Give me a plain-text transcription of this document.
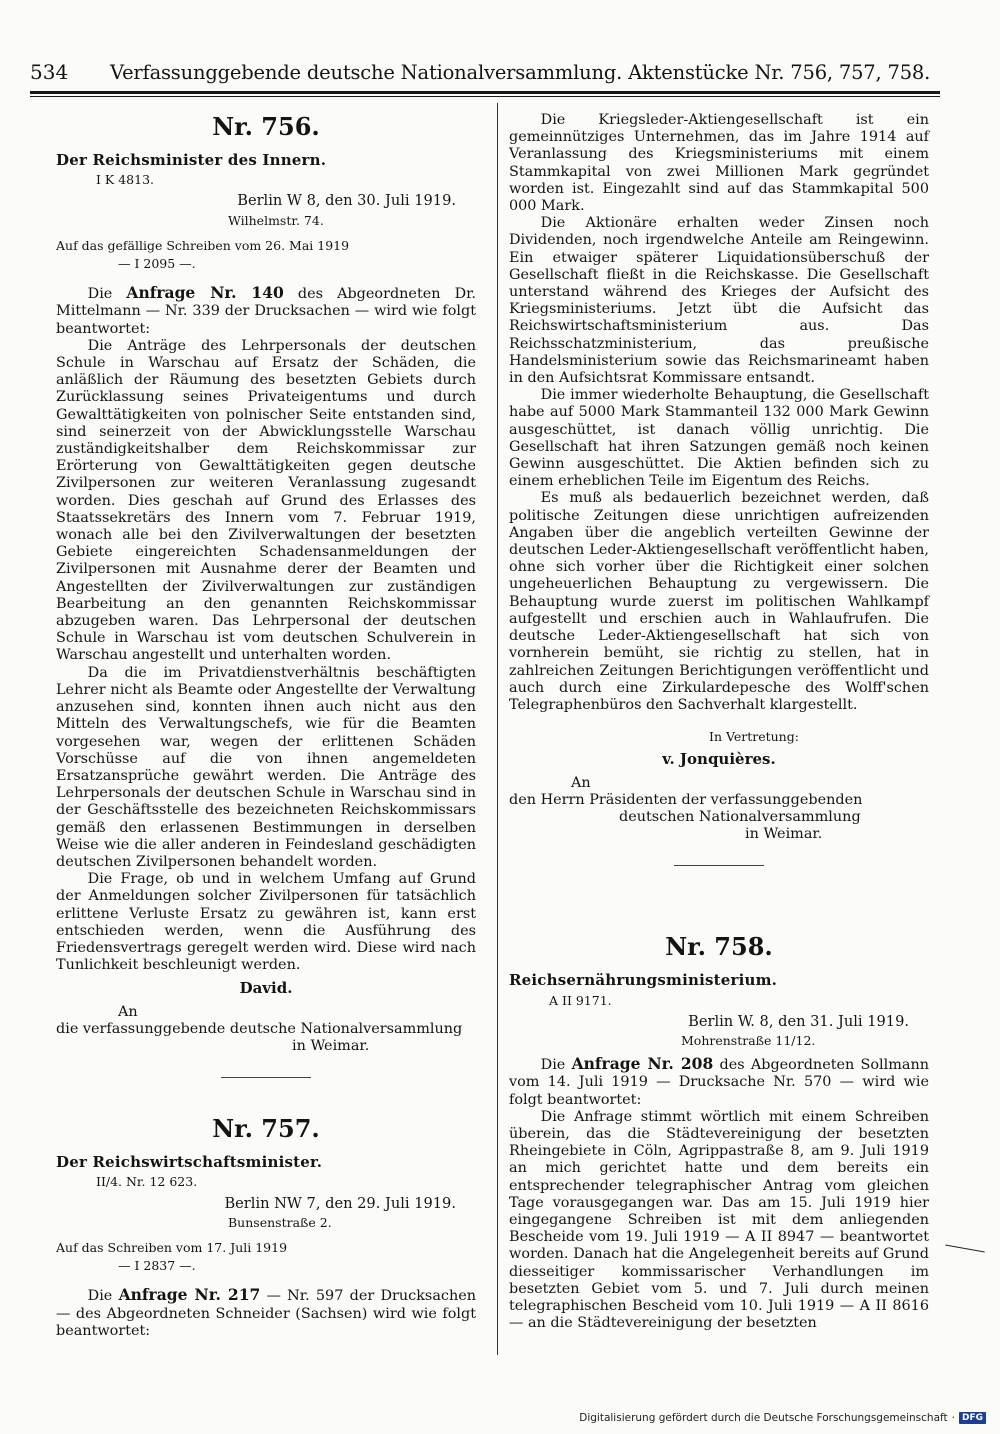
534	Verfassunggebende deutsche Nationalversammlung. Aktenstücke Nr. 756, 757, 758.
Nr. 756.
Der Reichsminister des Innern.
I K 4813.
Berlin W 8, den 30. Juli 1919.
Wilhelmstr. 74.
Auf das gefällige Schreiben vom 26. Mai 1919
— I 2095 —.

Die Anfrage Nr. 140 des Abgeordneten Dr. Mittelmann — Nr. 339 der Drucksachen — wird wie folgt beantwortet:

Die Anträge des Lehrpersonals der deutschen Schule in Warschau auf Ersatz der Schäden, die anläßlich der Räumung des besetzten Gebiets durch Zurücklassung seines Privateigentums und durch Gewalttätigkeiten von polnischer Seite entstanden sind, sind seinerzeit von der Abwicklungsstelle Warschau zuständigkeitshalber dem Reichskommissar zur Erörterung von Gewalttätigkeiten gegen deutsche Zivilpersonen zur weiteren Veranlassung zugesandt worden. Dies geschah auf Grund des Erlasses des Staatssekretärs des Innern vom 7. Februar 1919, wonach alle bei den Zivilverwaltungen der besetzten Gebiete eingereichten Schadensanmeldungen der Zivilpersonen mit Ausnahme derer der Beamten und Angestellten der Zivilverwaltungen zur zuständigen Bearbeitung an den genannten Reichskommissar abzugeben waren. Das Lehrpersonal der deutschen Schule in Warschau ist vom deutschen Schulverein in Warschau angestellt und unterhalten worden.

Da die im Privatdienstverhältnis beschäftigten Lehrer nicht als Beamte oder Angestellte der Verwaltung anzusehen sind, konnten ihnen auch nicht aus den Mitteln des Verwaltungschefs, wie für die Beamten vorgesehen war, wegen der erlittenen Schäden Vorschüsse auf die von ihnen angemeldeten Ersatzansprüche gewährt werden. Die Anträge des Lehrpersonals der deutschen Schule in Warschau sind in der Geschäftsstelle des bezeichneten Reichskommissars gemäß den erlassenen Bestimmungen in derselben Weise wie die aller anderen in Feindesland geschädigten deutschen Zivilpersonen behandelt worden.

Die Frage, ob und in welchem Umfang auf Grund der Anmeldungen solcher Zivilpersonen für tatsächlich erlittene Verluste Ersatz zu gewähren ist, kann erst entschieden werden, wenn die Ausführung des Friedensvertrags geregelt werden wird. Diese wird nach Tunlichkeit beschleunigt werden.

David.
An
die verfassunggebende deutsche Nationalversammlung
in Weimar.
Nr. 757.
Der Reichswirtschaftsminister.
II/4. Nr. 12 623.
Berlin NW 7, den 29. Juli 1919.
Bunsenstraße 2.
Auf das Schreiben vom 17. Juli 1919
— I 2837 —.

Die Anfrage Nr. 217 — Nr. 597 der Drucksachen — des Abgeordneten Schneider (Sachsen) wird wie folgt beantwortet:

Die Kriegsleder-Aktiengesellschaft ist ein gemeinnütziges Unternehmen, das im Jahre 1914 auf Veranlassung des Kriegsministeriums mit einem Stammkapital von zwei Millionen Mark gegründet worden ist. Eingezahlt sind auf das Stammkapital 500 000 Mark.

Die Aktionäre erhalten weder Zinsen noch Dividenden, noch irgendwelche Anteile am Reingewinn. Ein etwaiger späterer Liquidationsüberschuß der Gesellschaft fließt in die Reichskasse. Die Gesellschaft unterstand während des Krieges der Aufsicht des Kriegsministeriums. Jetzt übt die Aufsicht das Reichswirtschaftsministerium aus. Das Reichsschatzministerium, das preußische Handelsministerium sowie das Reichsmarineamt haben in den Aufsichtsrat Kommissare entsandt.

Die immer wiederholte Behauptung, die Gesellschaft habe auf 5000 Mark Stammanteil 132 000 Mark Gewinn ausgeschüttet, ist danach völlig unrichtig. Die Gesellschaft hat ihren Satzungen gemäß noch keinen Gewinn ausgeschüttet. Die Aktien befinden sich zu einem erheblichen Teile im Eigentum des Reichs.

Es muß als bedauerlich bezeichnet werden, daß politische Zeitungen diese unrichtigen aufreizenden Angaben über die angeblich verteilten Gewinne der deutschen Leder-Aktiengesellschaft veröffentlicht haben, ohne sich vorher über die Richtigkeit einer solchen ungeheuerlichen Behauptung zu vergewissern. Die Behauptung wurde zuerst im politischen Wahlkampf aufgestellt und erschien auch in Wahlaufrufen. Die deutsche Leder-Aktiengesellschaft hat sich von vornherein bemüht, sie richtig zu stellen, hat in zahlreichen Zeitungen Berichtigungen veröffentlicht und auch durch eine Zirkulardepesche des Wolff'schen Telegraphenbüros den Sachverhalt klargestellt.

In Vertretung:
v. Jonquières.
An
den Herrn Präsidenten der verfassunggebenden
deutschen Nationalversammlung
in Weimar.
Nr. 758.
Reichsernährungsministerium.
A II 9171.
Berlin W. 8, den 31. Juli 1919.
Mohrenstraße 11/12.

Die Anfrage Nr. 208 des Abgeordneten Sollmann vom 14. Juli 1919 — Drucksache Nr. 570 — wird wie folgt beantwortet:

Die Anfrage stimmt wörtlich mit einem Schreiben überein, das die Städtevereinigung der besetzten Rheingebiete in Cöln, Agrippastraße 8, am 9. Juli 1919 an mich gerichtet hatte und dem bereits ein entsprechender telegraphischer Antrag vom gleichen Tage vorausgegangen war. Das am 15. Juli 1919 hier eingegangene Schreiben ist mit dem anliegenden Bescheide vom 19. Juli 1919 — A II 8947 — beantwortet worden. Danach hat die Angelegenheit bereits auf Grund diesseitiger kommissarischer Verhandlungen im besetzten Gebiet vom 5. und 7. Juli durch meinen telegraphischen Bescheid vom 10. Juli 1919 — A II 8616 — an die Städtevereinigung der besetzten

Digitalisierung gefördert durch die Deutsche Forschungsgemeinschaft · DFG
